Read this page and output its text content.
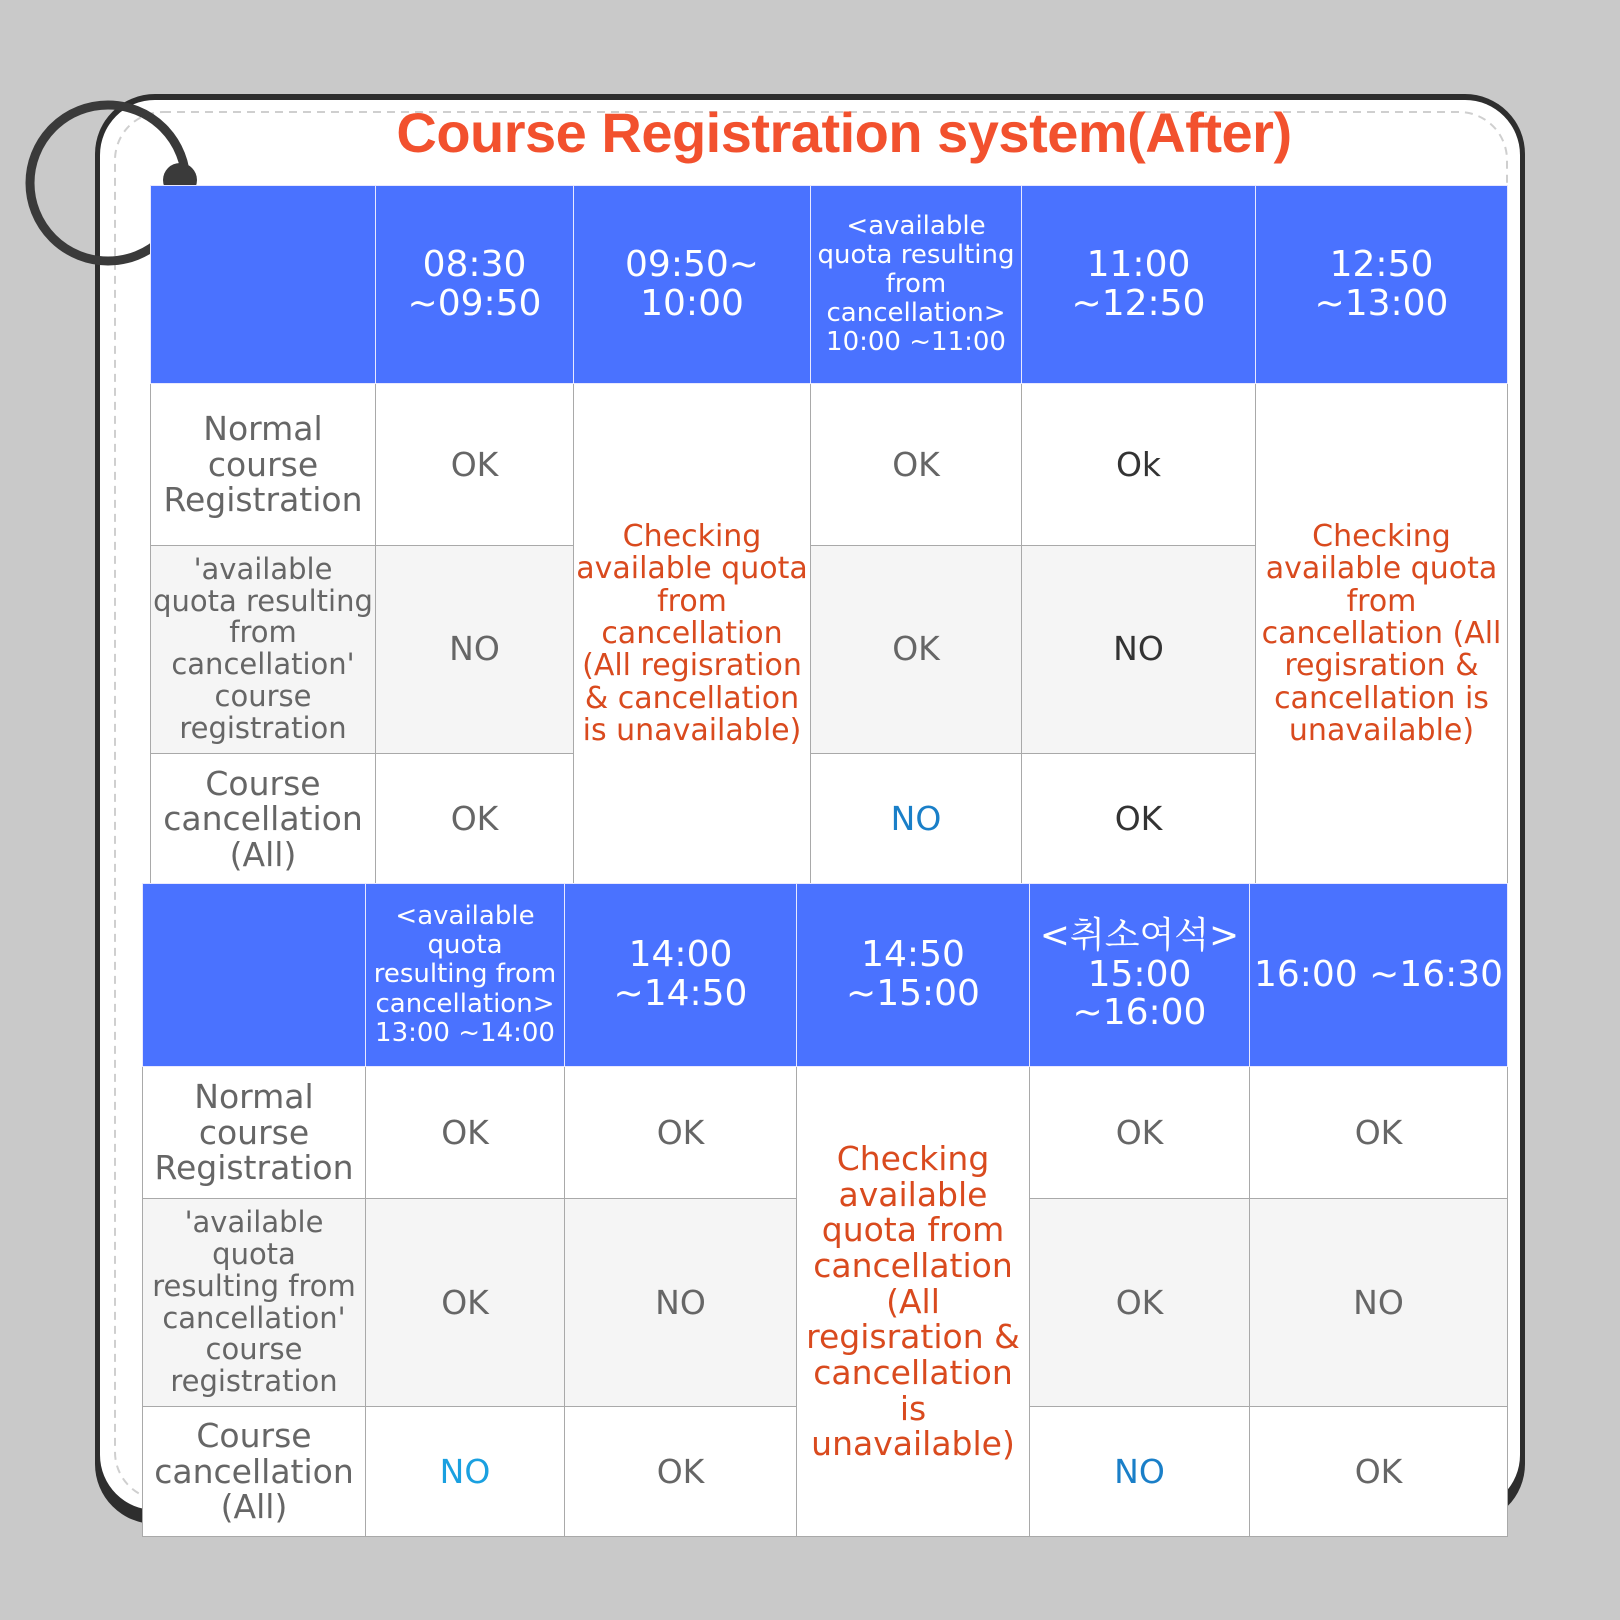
Course Registration system(After)
	08:30 ~09:50	09:50~ 10:00	<available quota resulting from cancellation> 10:00 ~11:00	11:00 ~12:50	12:50 ~13:00
Normal course Registration	OK	Checking available quota from cancellation (All regisration & cancellation is unavailable)	OK	Ok	Checking available quota from cancellation (All regisration & cancellation is unavailable)
'available quota resulting from cancellation' course registration	NO		OK	NO	
Course cancellation (All)	OK		NO	OK	
	<available quota resulting from cancellation> 13:00 ~14:00	14:00 ~14:50	14:50 ~15:00	<취소여석> 15:00 ~16:00	16:00 ~16:30
Normal course Registration	OK	OK	Checking available quota from cancellation (All regisration & cancellation is unavailable)	OK	OK
'available quota resulting from cancellation' course registration	OK	NO		OK	NO
Course cancellation (All)	NO	OK		NO	OK
